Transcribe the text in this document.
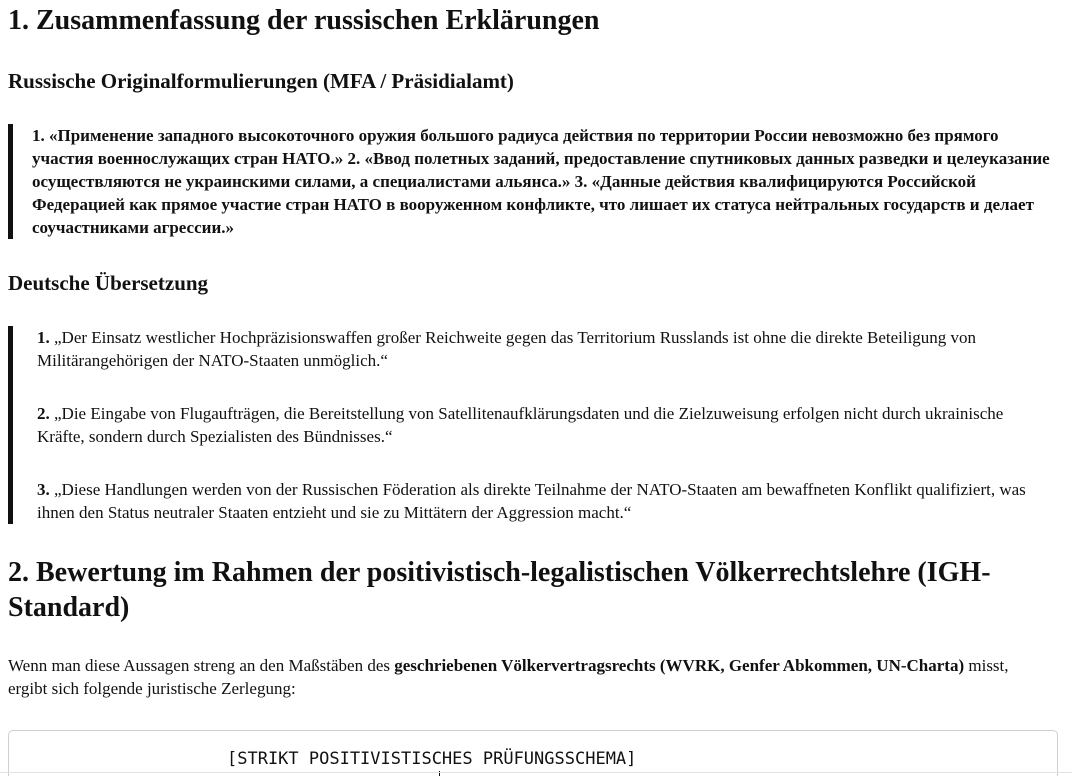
1. Zusammenfassung der russischen Erklärungen
Russische Originalformulierungen (MFA / Präsidialamt)

1. «Применение западного высокоточного оружия большого радиуса действия по территории России невозможно без прямого участия военнослужащих стран НАТО.» 2. «Ввод полетных заданий, предоставление спутниковых данных разведки и целеуказание осуществляются не украинскими силами, а специалистами альянса.» 3. «Данные действия квалифицируются Российской Федерацией как прямое участие стран НАТО в вооруженном конфликте, что лишает их статуса нейтральных государств и делает соучастниками агрессии.»

Deutsche Übersetzung

1. „Der Einsatz westlicher Hochpräzisionswaffen großer Reichweite gegen das Territorium Russlands ist ohne die direkte Beteiligung von Militärangehörigen der NATO-Staaten unmöglich.“

2. „Die Eingabe von Flugaufträgen, die Bereitstellung von Satellitenaufklärungsdaten und die Zielzuweisung erfolgen nicht durch ukrainische Kräfte, sondern durch Spezialisten des Bündnisses.“

3. „Diese Handlungen werden von der Russischen Föderation als direkte Teilnahme der NATO-Staaten am bewaffneten Konflikt qualifiziert, was ihnen den Status neutraler Staaten entzieht und sie zu Mittätern der Aggression macht.“

2. Bewertung im Rahmen der positivistisch-legalistischen Völkerrechtslehre (IGH-Standard)

Wenn man diese Aussagen streng an den Maßstäben des geschriebenen Völkervertragsrechts (WVRK, Genfer Abkommen, UN-Charta) misst, ergibt sich folgende juristische Zerlegung:

[STRIKT POSITIVISTISCHES PRÜFUNGSSCHEMA]
